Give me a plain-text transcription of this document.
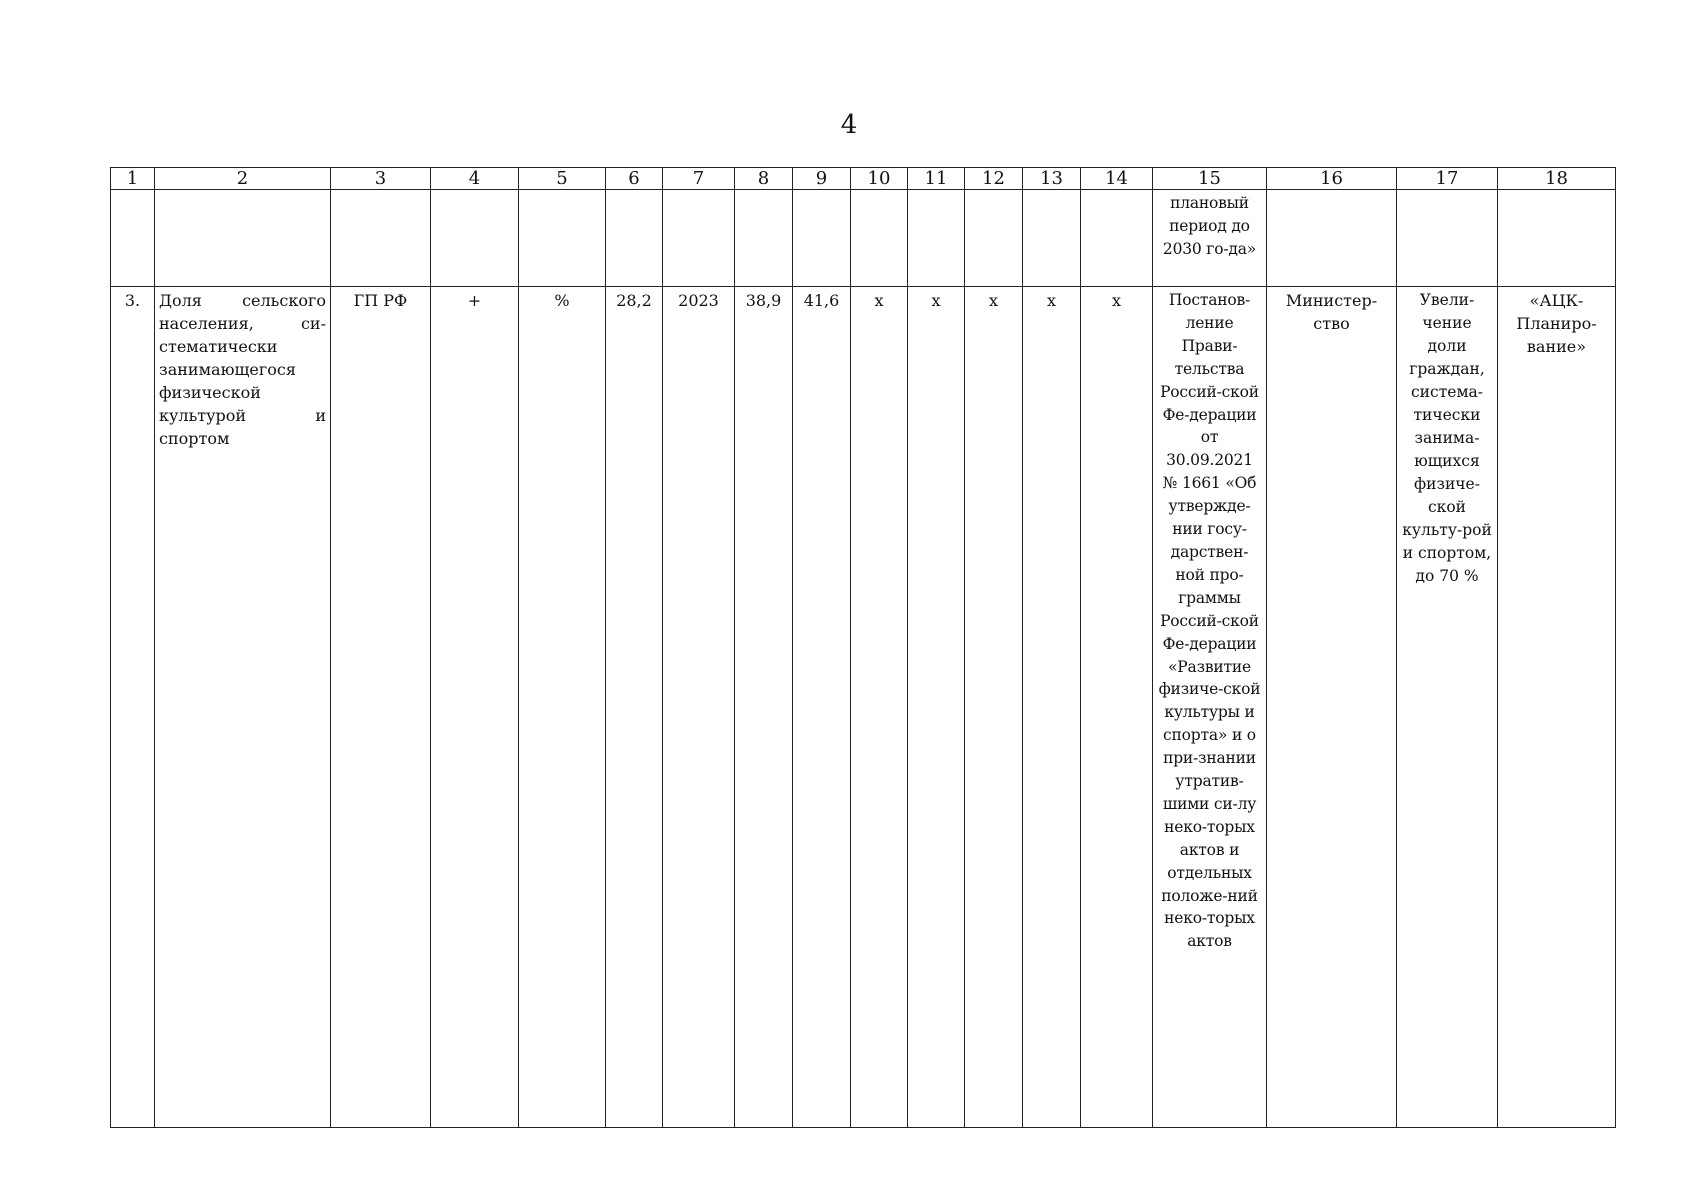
4
1	2	3	4	5	6	7	8	9	10	11	12	13	14	15	16	17	18
														плановый период до 2030 го-да»			
3.	Доля сельского населения, си-стематически занимающегося физической культурой и спортом	ГП РФ	+	%	28,2	2023	38,9	41,6	х	х	х	х	х	Постанов-ление Прави-тельства Россий-ской Фе-дерации от 30.09.2021 № 1661 «Об утвержде-нии госу-дарствен-ной про-граммы Россий-ской Фе-дерации «Развитие физиче-ской культуры и спорта» и о при-знании утратив-шими си-лу неко-торых актов и отдельных положе-ний неко-торых актов	Министер-ство	Увели-чение доли граждан, система-тически занима-ющихся физиче-ской культу-рой и спортом, до 70 %	«АЦК-Планиро-вание»
